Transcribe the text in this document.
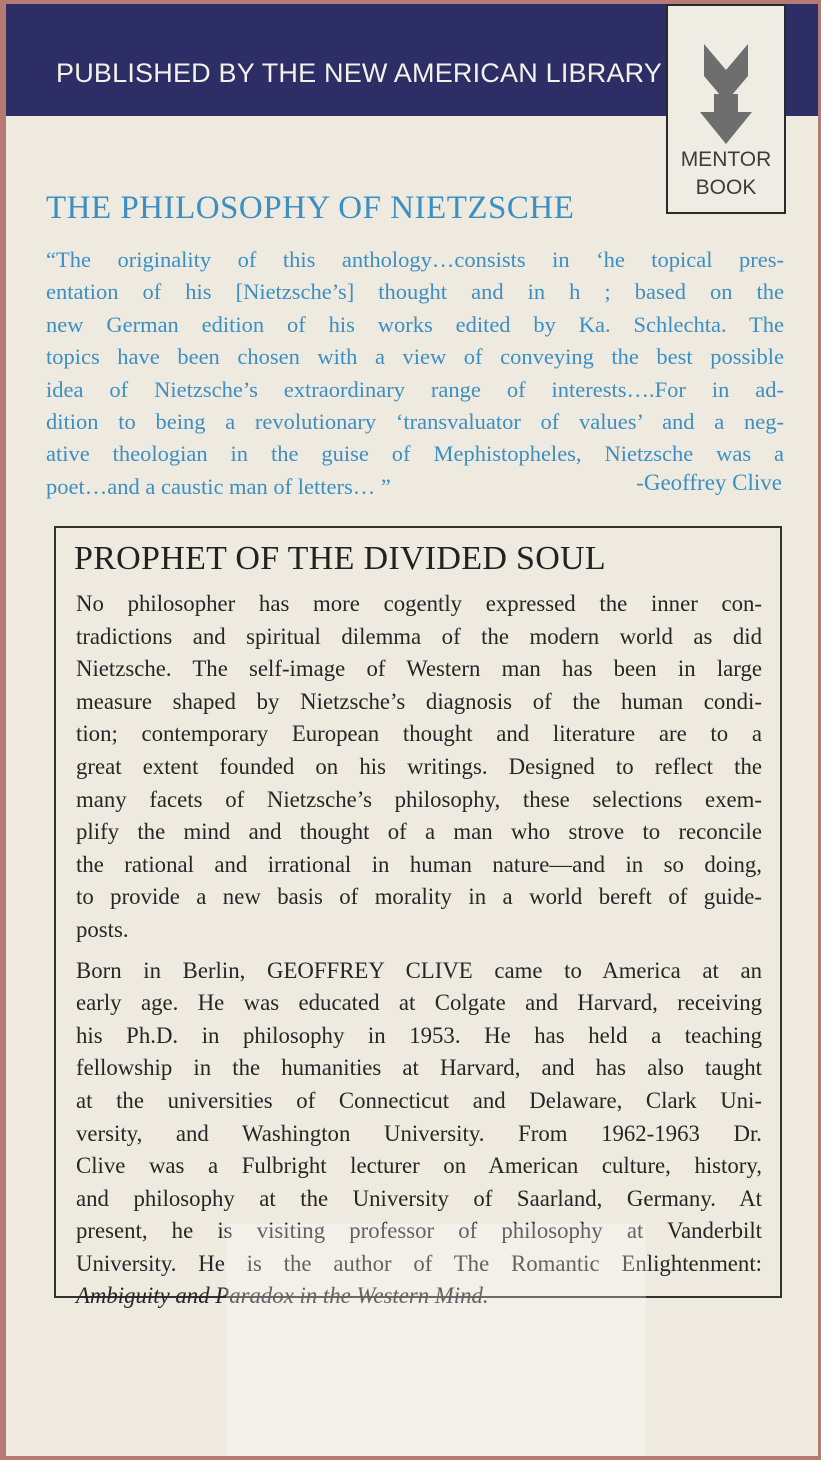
PUBLISHED BY THE NEW AMERICAN LIBRARY
MENTOR
BOOK
THE PHILOSOPHY OF NIETZSCHE
“The originality of this anthology…consists in ‘he topical pres-
entation of his [Nietzsche’s] thought and in h ; based on the
new German edition of his works edited by Ka. Schlechta. The
topics have been chosen with a view of conveying the best possible
idea of Nietzsche’s extraordinary range of interests….For in ad-
dition to being a revolutionary ‘transvaluator of values’ and a neg-
ative theologian in the guise of Mephistopheles, Nietzsche was a
poet…and a caustic man of letters… ”	-Geoffrey Clive
PROPHET OF THE DIVIDED SOUL
No philosopher has more cogently expressed the inner con-
tradictions and spiritual dilemma of the modern world as did
Nietzsche. The self-image of Western man has been in large
measure shaped by Nietzsche’s diagnosis of the human condi-
tion; contemporary European thought and literature are to a
great extent founded on his writings. Designed to reflect the
many facets of Nietzsche’s philosophy, these selections exem-
plify the mind and thought of a man who strove to reconcile
the rational and irrational in human nature—and in so doing,
to provide a new basis of morality in a world bereft of guide-
posts.
Born in Berlin, GEOFFREY CLIVE came to America at an
early age. He was educated at Colgate and Harvard, receiving
his Ph.D. in philosophy in 1953. He has held a teaching
fellowship in the humanities at Harvard, and has also taught
at the universities of Connecticut and Delaware, Clark Uni-
versity, and Washington University. From 1962-1963 Dr.
Clive was a Fulbright lecturer on American culture, history,
and philosophy at the University of Saarland, Germany. At
present, he is visiting professor of philosophy at Vanderbilt
University. He is the author of The Romantic Enlightenment:
Ambiguity and Paradox in the Western Mind.
